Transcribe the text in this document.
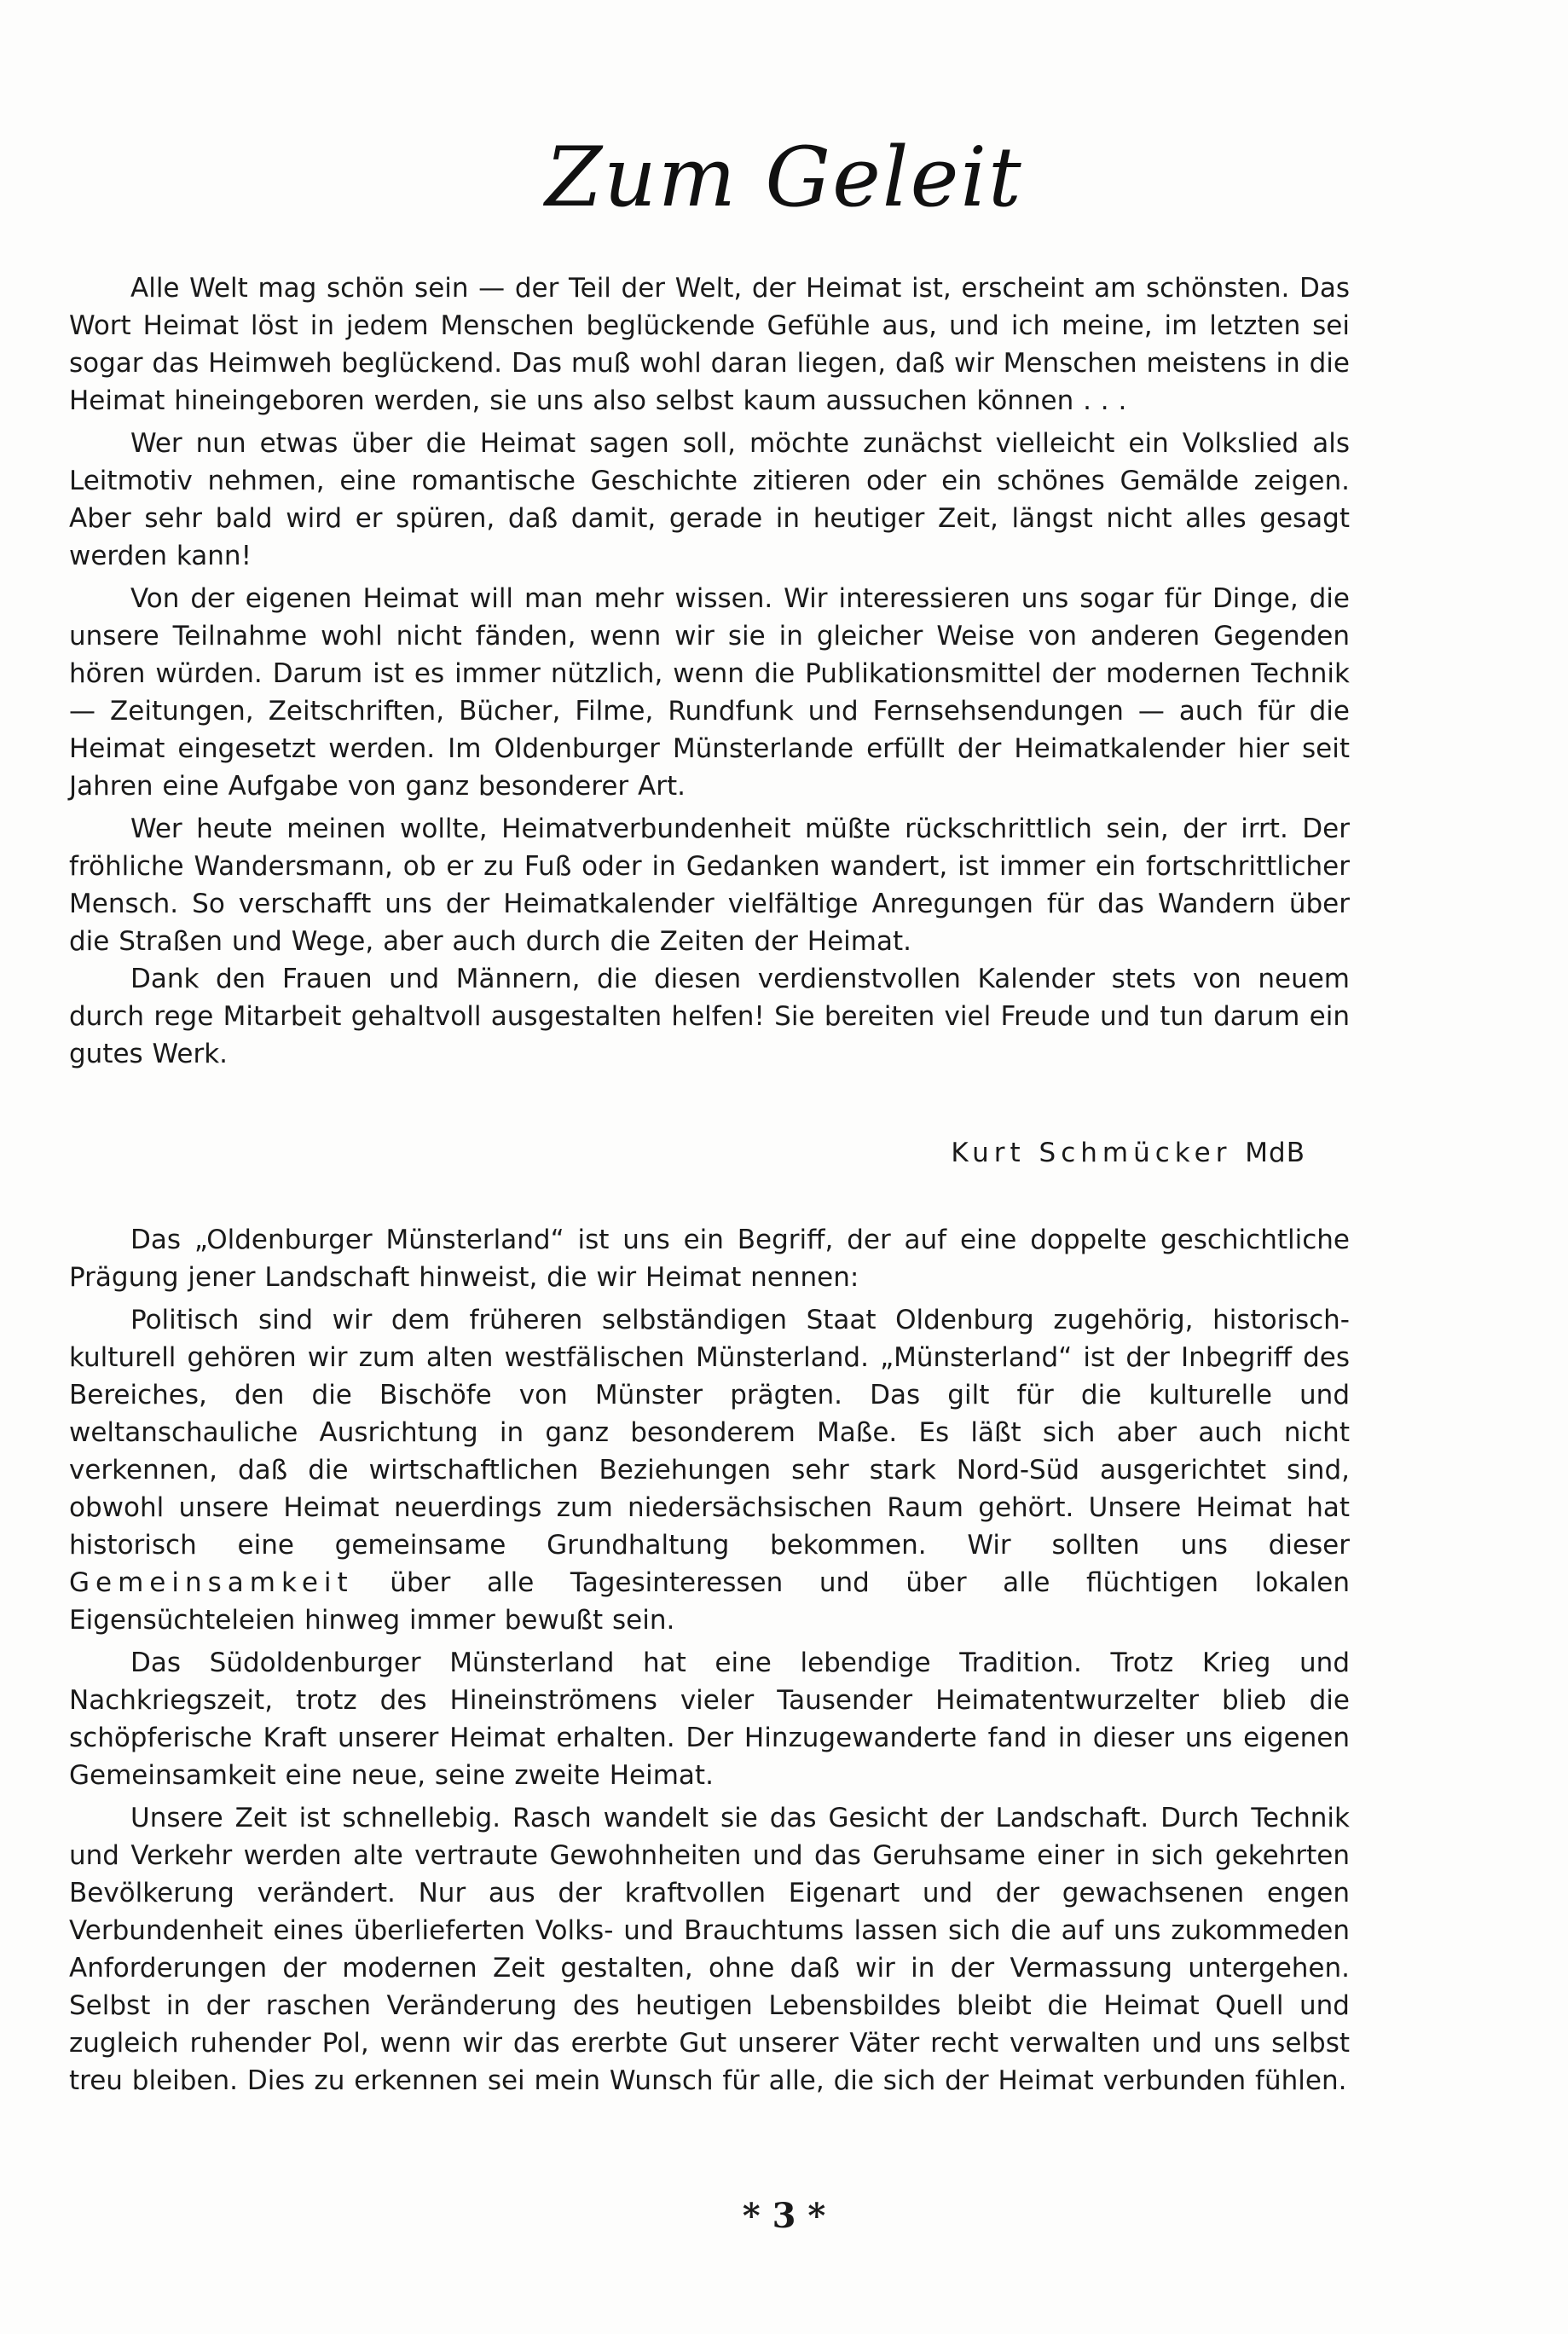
Zum Geleit

Alle Welt mag schön sein — der Teil der Welt, der Heimat ist, erscheint am schönsten. Das Wort Heimat löst in jedem Menschen beglückende Gefühle aus, und ich meine, im letzten sei sogar das Heimweh beglückend. Das muß wohl daran liegen, daß wir Menschen meistens in die Heimat hineingeboren werden, sie uns also selbst kaum aussuchen können . . .

Wer nun etwas über die Heimat sagen soll, möchte zunächst vielleicht ein Volkslied als Leitmotiv nehmen, eine romantische Geschichte zitieren oder ein schönes Gemälde zeigen. Aber sehr bald wird er spüren, daß damit, gerade in heutiger Zeit, längst nicht alles gesagt werden kann!

Von der eigenen Heimat will man mehr wissen. Wir interessieren uns sogar für Dinge, die unsere Teilnahme wohl nicht fänden, wenn wir sie in gleicher Weise von anderen Gegenden hören würden. Darum ist es immer nützlich, wenn die Publikationsmittel der modernen Technik — Zeitungen, Zeitschriften, Bücher, Filme, Rundfunk und Fernsehsendungen — auch für die Heimat eingesetzt werden. Im Oldenburger Münsterlande erfüllt der Heimatkalender hier seit Jahren eine Aufgabe von ganz besonderer Art.

Wer heute meinen wollte, Heimatverbundenheit müßte rückschrittlich sein, der irrt. Der fröhliche Wandersmann, ob er zu Fuß oder in Gedanken wandert, ist immer ein fortschrittlicher Mensch. So verschafft uns der Heimatkalender vielfältige Anregungen für das Wandern über die Straßen und Wege, aber auch durch die Zeiten der Heimat.

Dank den Frauen und Männern, die diesen verdienstvollen Kalender stets von neuem durch rege Mitarbeit gehaltvoll ausgestalten helfen! Sie bereiten viel Freude und tun darum ein gutes Werk.

Kurt Schmücker MdB

Das „Oldenburger Münsterland“ ist uns ein Begriff, der auf eine doppelte geschichtliche Prägung jener Landschaft hinweist, die wir Heimat nennen:

Politisch sind wir dem früheren selbständigen Staat Oldenburg zugehörig, historisch-kulturell gehören wir zum alten westfälischen Münsterland. „Münsterland“ ist der Inbegriff des Bereiches, den die Bischöfe von Münster prägten. Das gilt für die kulturelle und weltanschauliche Ausrichtung in ganz besonderem Maße. Es läßt sich aber auch nicht verkennen, daß die wirtschaftlichen Beziehungen sehr stark Nord-Süd ausgerichtet sind, obwohl unsere Heimat neuerdings zum niedersächsischen Raum gehört. Unsere Heimat hat historisch eine gemeinsame Grundhaltung bekommen. Wir sollten uns dieser Gemeinsamkeit über alle Tagesinteressen und über alle flüchtigen lokalen Eigensüchteleien hinweg immer bewußt sein.

Das Südoldenburger Münsterland hat eine lebendige Tradition. Trotz Krieg und Nachkriegszeit, trotz des Hineinströmens vieler Tausender Heimatentwurzelter blieb die schöpferische Kraft unserer Heimat erhalten. Der Hinzugewanderte fand in dieser uns eigenen Gemeinsamkeit eine neue, seine zweite Heimat.

Unsere Zeit ist schnellebig. Rasch wandelt sie das Gesicht der Landschaft. Durch Technik und Verkehr werden alte vertraute Gewohnheiten und das Geruhsame einer in sich gekehrten Bevölkerung verändert. Nur aus der kraftvollen Eigenart und der gewachsenen engen Verbundenheit eines überlieferten Volks- und Brauchtums lassen sich die auf uns zukommeden Anforderungen der modernen Zeit gestalten, ohne daß wir in der Vermassung untergehen. Selbst in der raschen Veränderung des heutigen Lebensbildes bleibt die Heimat Quell und zugleich ruhender Pol, wenn wir das ererbte Gut unserer Väter recht verwalten und uns selbst treu bleiben. Dies zu erkennen sei mein Wunsch für alle, die sich der Heimat verbunden fühlen.

* 3 *
